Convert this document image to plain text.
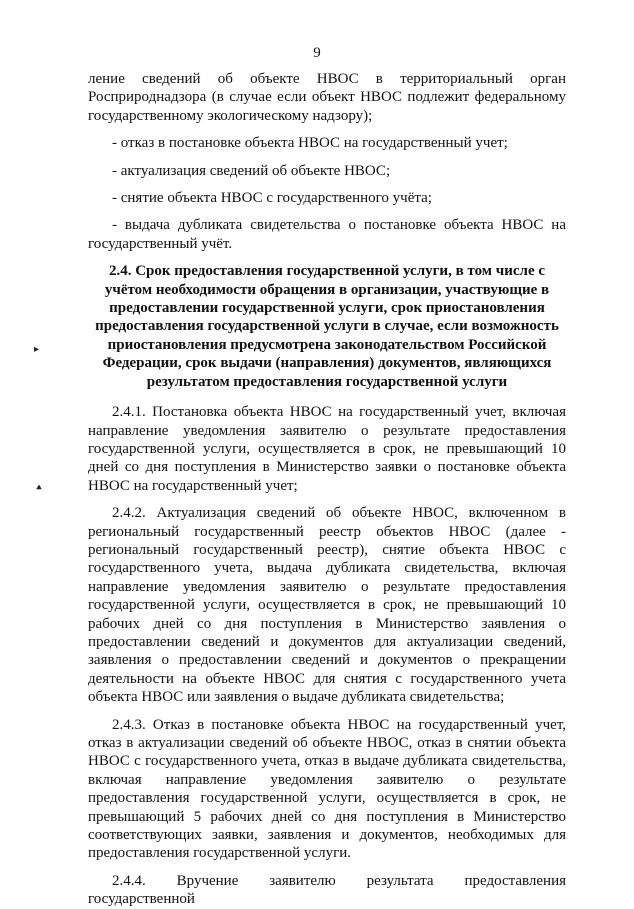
9
▸
⯅

ление сведений об объекте НВОС в территориальный орган Росприроднадзора (в случае если объект НВОС подлежит федеральному государственному экологическому надзору);

- отказ в постановке объекта НВОС на государственный учет;

- актуализация сведений об объекте НВОС;

- снятие объекта НВОС с государственного учёта;

- выдача дубликата свидетельства о постановке объекта НВОС на государственный учёт.

2.4. Срок предоставления государственной услуги, в том числе с учётом необходимости обращения в организации, участвующие в предоставлении государственной услуги, срок приостановления предоставления государственной услуги в случае, если возможность приостановления предусмотрена законодательством Российской Федерации, срок выдачи (направления) документов, являющихся результатом предоставления государственной услуги

2.4.1. Постановка объекта НВОС на государственный учет, включая направление уведомления заявителю о результате предоставления государственной услуги, осуществляется в срок, не превышающий 10 дней со дня поступления в Министерство заявки о постановке объекта НВОС на государственный учет;

2.4.2. Актуализация сведений об объекте НВОС, включенном в региональный государственный реестр объектов НВОС (далее - региональный государственный реестр), снятие объекта НВОС с государственного учета, выдача дубликата свидетельства, включая направление уведомления заявителю о результате предоставления государственной услуги, осуществляется в срок, не превышающий 10 рабочих дней со дня поступления в Министерство заявления о предоставлении сведений и документов для актуализации сведений, заявления о предоставлении сведений и документов о прекращении деятельности на объекте НВОС для снятия с государственного учета объекта НВОС или заявления о выдаче дубликата свидетельства;

2.4.3. Отказ в постановке объекта НВОС на государственный учет, отказ в актуализации сведений об объекте НВОС, отказ в снятии объекта НВОС с государственного учета, отказ в выдаче дубликата свидетельства, включая направление уведомления заявителю о результате предоставления государственной услуги, осуществляется в срок, не превышающий 5 рабочих дней со дня поступления в Министерство соответствующих заявки, заявления и документов, необходимых для предоставления государственной услуги.

2.4.4. Вручение заявителю результата предоставления государственной
